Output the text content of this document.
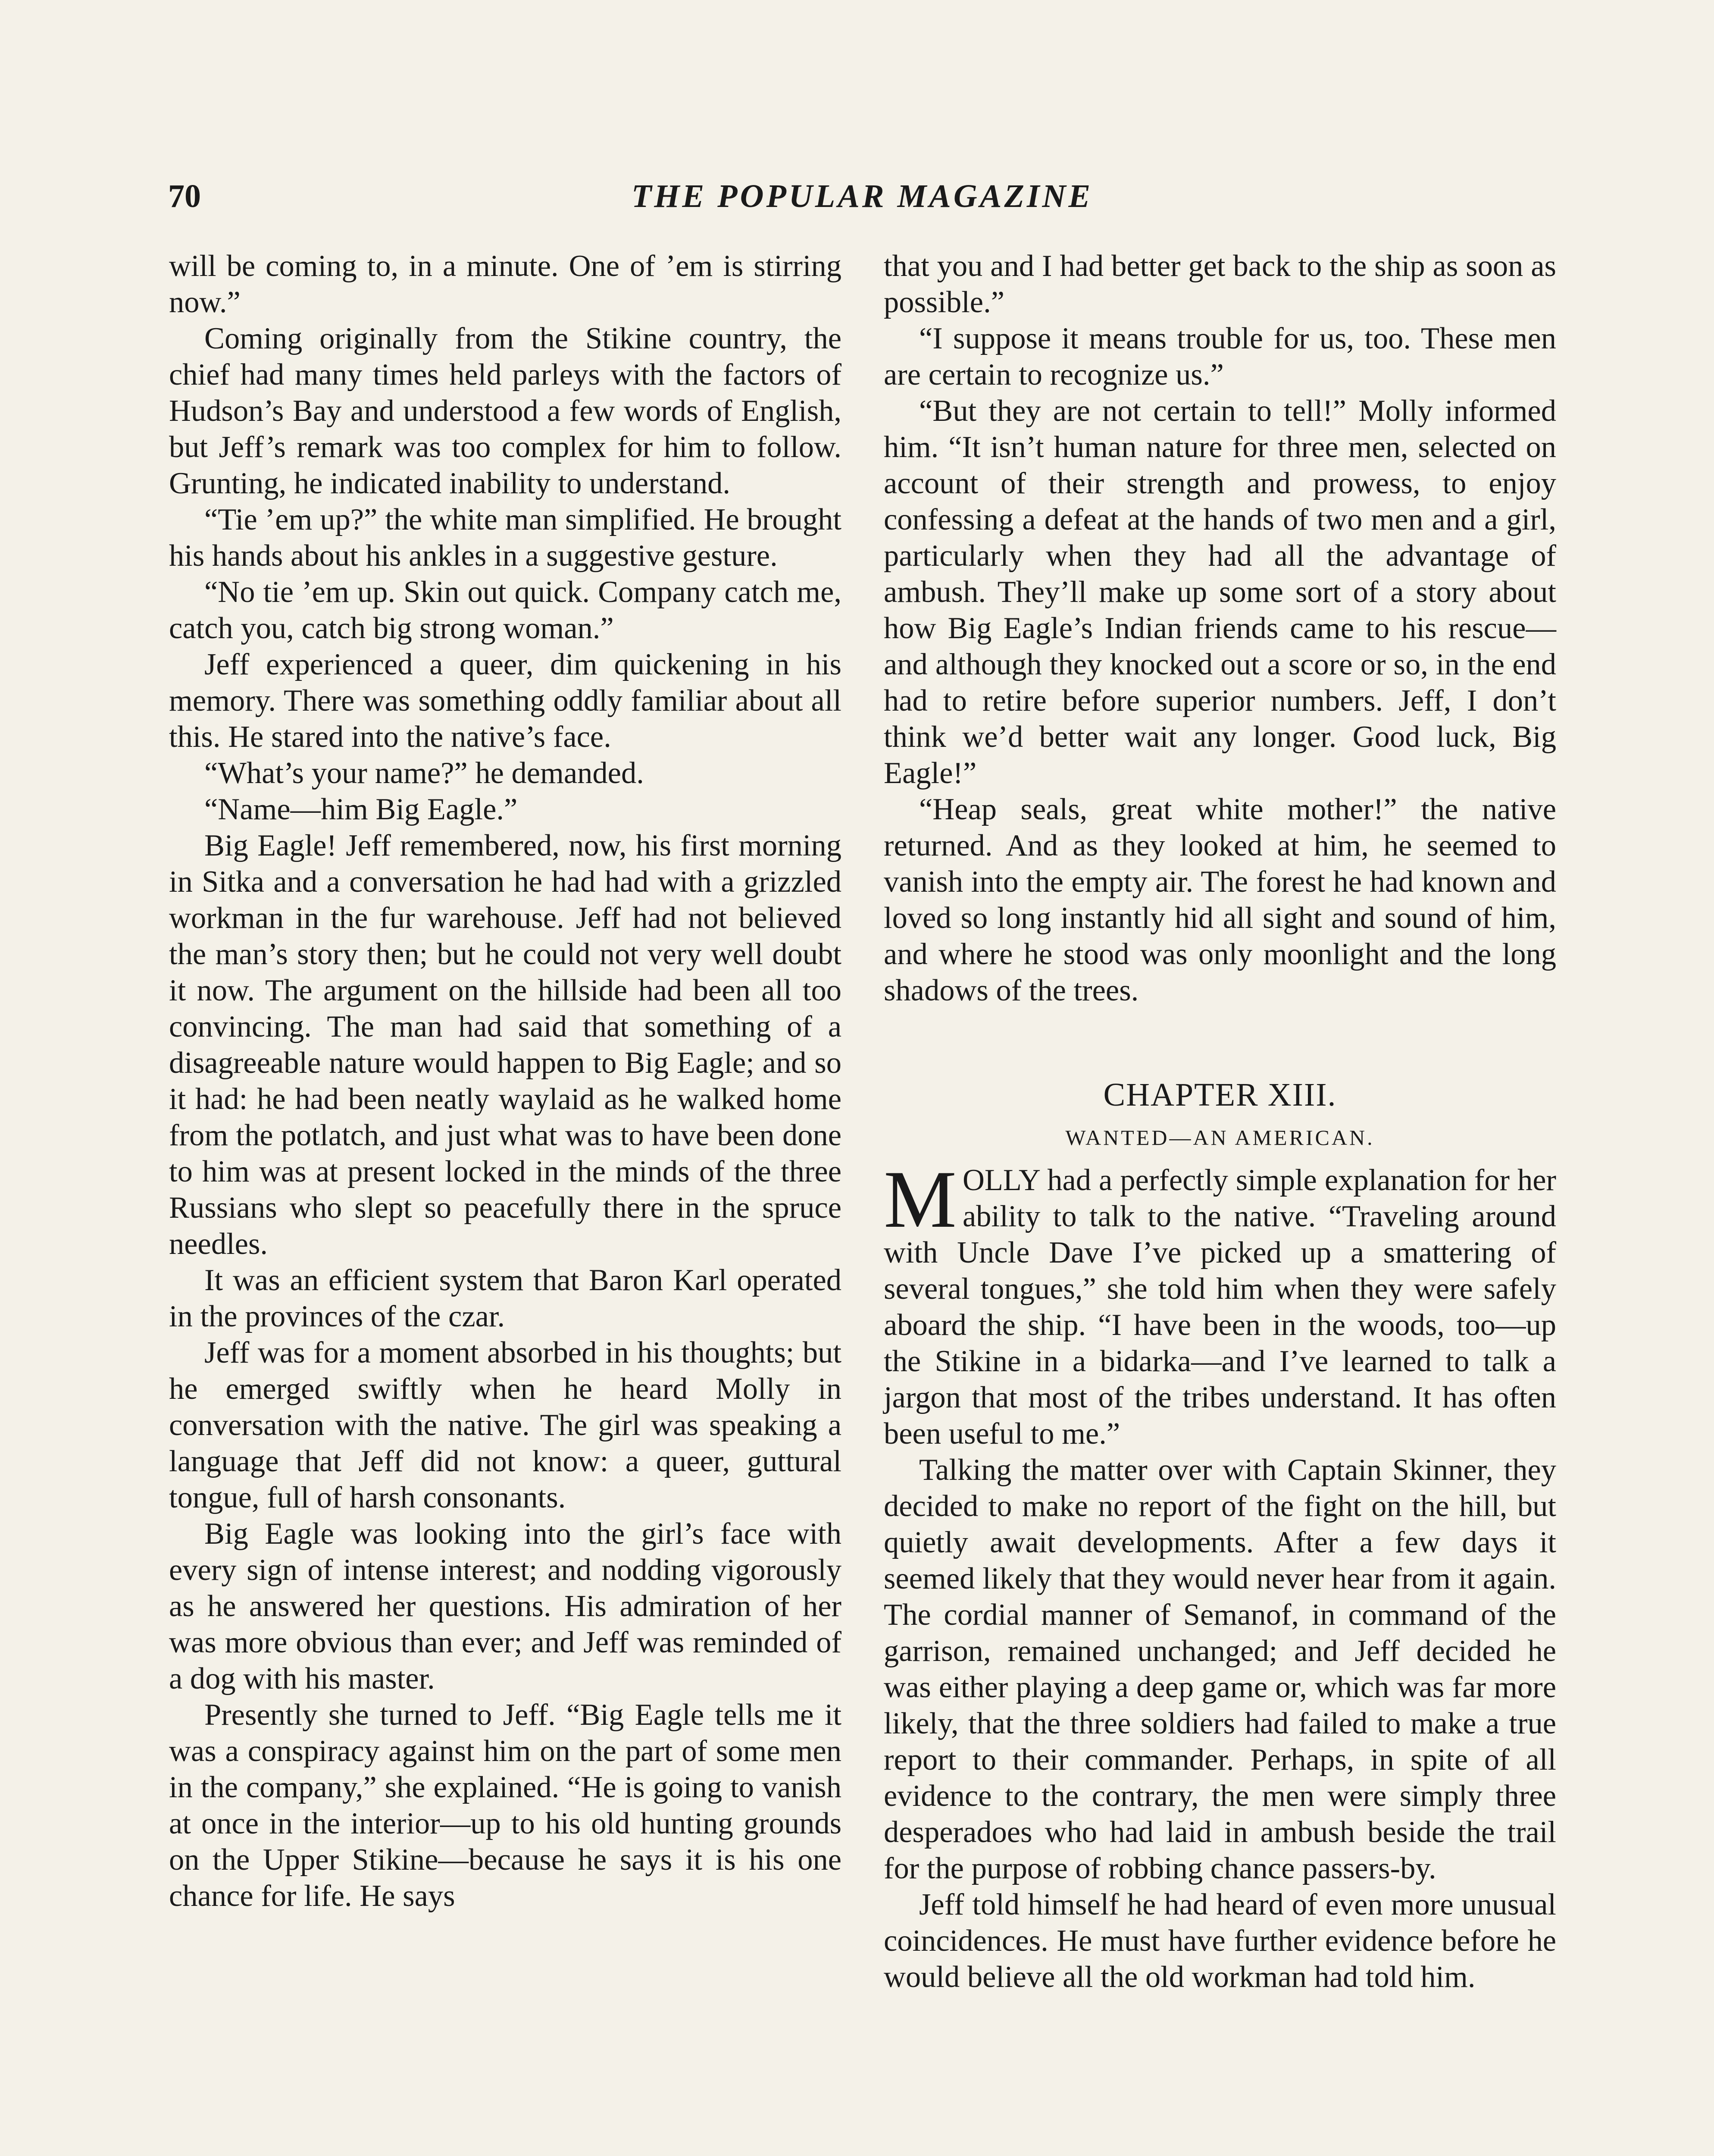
70	THE POPULAR MAGAZINE

will be coming to, in a minute. One of ’em is stirring now.”

Coming originally from the Stikine country, the chief had many times held parleys with the factors of Hudson’s Bay and understood a few words of English, but Jeff’s remark was too complex for him to follow. Grunting, he indicated inability to understand.

“Tie ’em up?” the white man simplified. He brought his hands about his ankles in a suggestive gesture.

“No tie ’em up. Skin out quick. Company catch me, catch you, catch big strong woman.”

Jeff experienced a queer, dim quickening in his memory. There was something oddly familiar about all this. He stared into the native’s face.

“What’s your name?” he demanded.

“Name—him Big Eagle.”

Big Eagle! Jeff remembered, now, his first morning in Sitka and a conversation he had had with a grizzled workman in the fur warehouse. Jeff had not believed the man’s story then; but he could not very well doubt it now. The argument on the hillside had been all too convincing. The man had said that something of a disagreeable nature would happen to Big Eagle; and so it had: he had been neatly waylaid as he walked home from the potlatch, and just what was to have been done to him was at present locked in the minds of the three Russians who slept so peacefully there in the spruce needles.

It was an efficient system that Baron Karl operated in the provinces of the czar.

Jeff was for a moment absorbed in his thoughts; but he emerged swiftly when he heard Molly in conversation with the native. The girl was speaking a language that Jeff did not know: a queer, guttural tongue, full of harsh consonants.

Big Eagle was looking into the girl’s face with every sign of intense interest; and nodding vigorously as he answered her questions. His admiration of her was more obvious than ever; and Jeff was reminded of a dog with his master.

Presently she turned to Jeff. “Big Eagle tells me it was a conspiracy against him on the part of some men in the company,” she explained. “He is going to vanish at once in the interior—up to his old hunting grounds on the Upper Stikine—because he says it is his one chance for life. He says

that you and I had better get back to the ship as soon as possible.”

“I suppose it means trouble for us, too. These men are certain to recognize us.”

“But they are not certain to tell!” Molly informed him. “It isn’t human nature for three men, selected on account of their strength and prowess, to enjoy confessing a defeat at the hands of two men and a girl, particularly when they had all the advantage of ambush. They’ll make up some sort of a story about how Big Eagle’s Indian friends came to his rescue—and although they knocked out a score or so, in the end had to retire before superior numbers. Jeff, I don’t think we’d better wait any longer. Good luck, Big Eagle!”

“Heap seals, great white mother!” the native returned. And as they looked at him, he seemed to vanish into the empty air. The forest he had known and loved so long instantly hid all sight and sound of him, and where he stood was only moonlight and the long shadows of the trees.

CHAPTER XIII.
WANTED—AN AMERICAN.

MOLLY had a perfectly simple explanation for her ability to talk to the native. “Traveling around with Uncle Dave I’ve picked up a smattering of several tongues,” she told him when they were safely aboard the ship. “I have been in the woods, too—up the Stikine in a bidarka—and I’ve learned to talk a jargon that most of the tribes understand. It has often been useful to me.”

Talking the matter over with Captain Skinner, they decided to make no report of the fight on the hill, but quietly await developments. After a few days it seemed likely that they would never hear from it again. The cordial manner of Semanof, in command of the garrison, remained unchanged; and Jeff decided he was either playing a deep game or, which was far more likely, that the three soldiers had failed to make a true report to their commander. Perhaps, in spite of all evidence to the contrary, the men were simply three desperadoes who had laid in ambush beside the trail for the purpose of robbing chance passers-by.

Jeff told himself he had heard of even more unusual coincidences. He must have further evidence before he would believe all the old workman had told him.
